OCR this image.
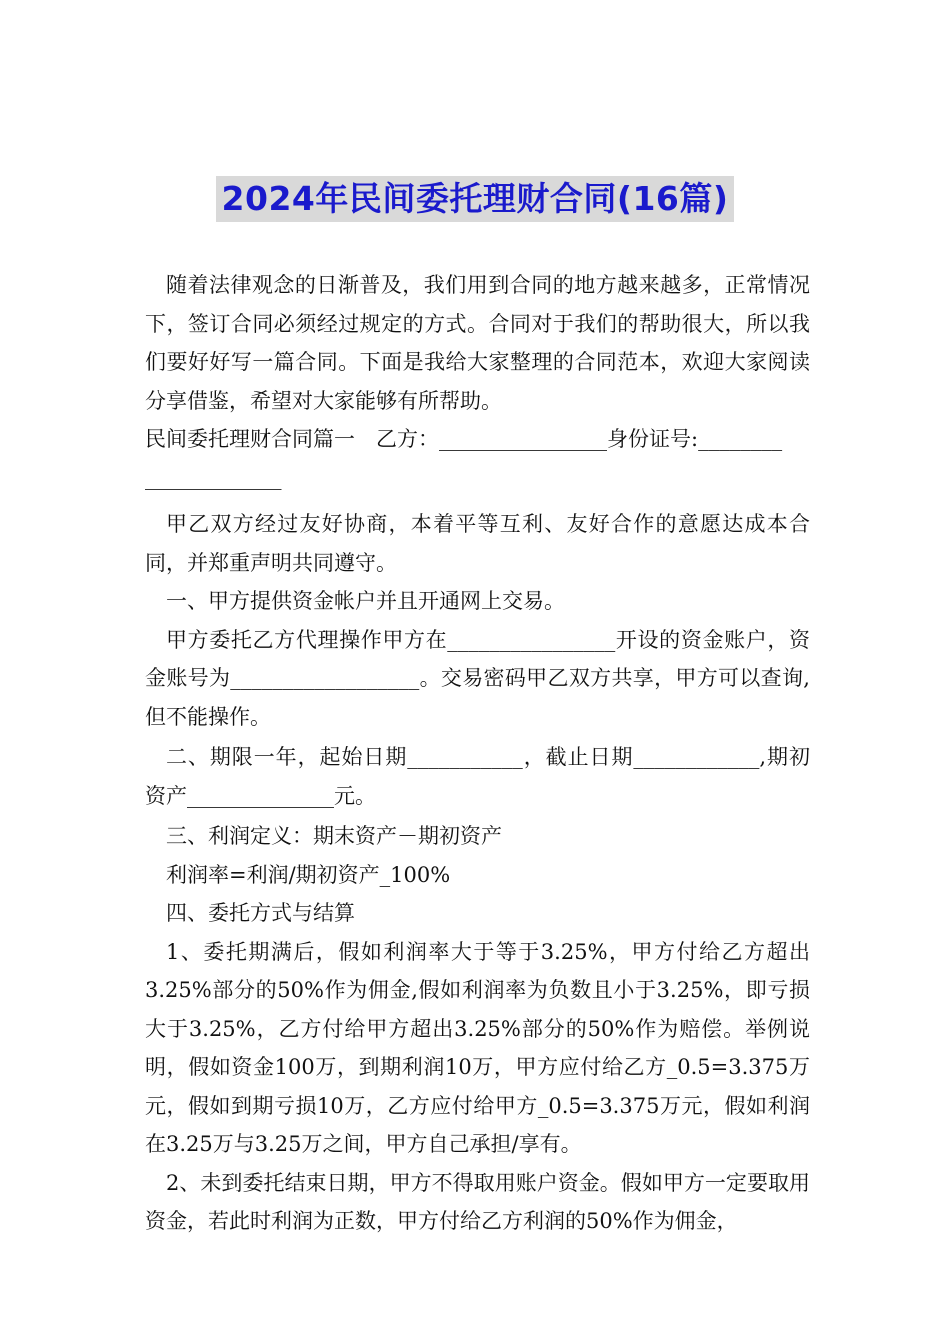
2024年民间委托理财合同(16篇)

随着法律观念的日渐普及，我们用到合同的地方越来越多，正常情况下，签订合同必须经过规定的方式。合同对于我们的帮助很大，所以我们要好好写一篇合同。下面是我给大家整理的合同范本，欢迎大家阅读分享借鉴，希望对大家能够有所帮助。

民间委托理财合同篇一　乙方：________________身份证号:________

_____________

甲乙双方经过友好协商，本着平等互利、友好合作的意愿达成本合同，并郑重声明共同遵守。

一、甲方提供资金帐户并且开通网上交易。

甲方委托乙方代理操作甲方在________________开设的资金账户，资金账号为__________________。交易密码甲乙双方共享，甲方可以查询,但不能操作。

二、期限一年，起始日期___________，截止日期____________,期初资产______________元。

三、利润定义：期末资产－期初资产

利润率=利润/期初资产_100%

四、委托方式与结算

1、委托期满后，假如利润率大于等于3.25%，甲方付给乙方超出3.25%部分的50%作为佣金,假如利润率为负数且小于3.25%，即亏损大于3.25%，乙方付给甲方超出3.25%部分的50%作为赔偿。举例说明，假如资金100万，到期利润10万，甲方应付给乙方_0.5=3.375万元，假如到期亏损10万，乙方应付给甲方_0.5=3.375万元，假如利润在3.25万与3.25万之间，甲方自己承担/享有。

2、未到委托结束日期，甲方不得取用账户资金。假如甲方一定要取用资金，若此时利润为正数，甲方付给乙方利润的50%作为佣金，
